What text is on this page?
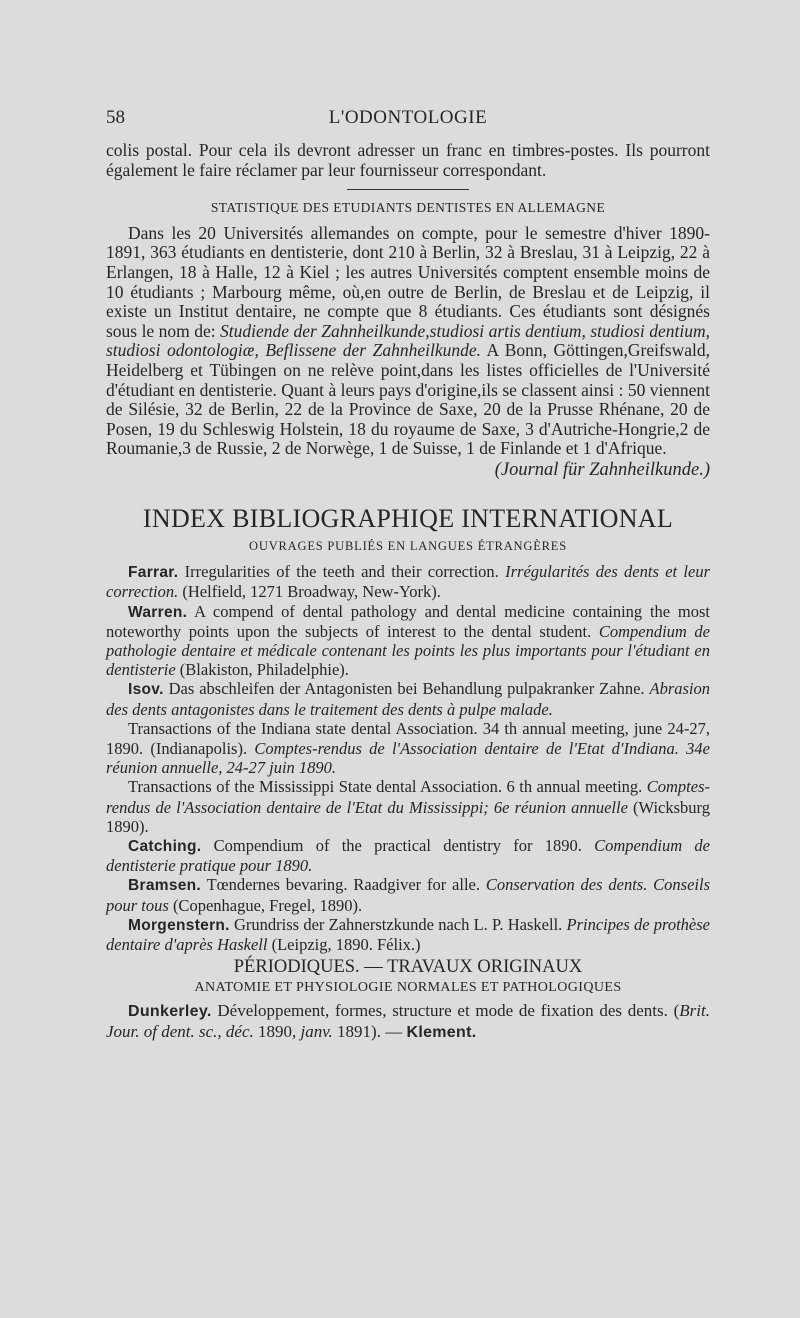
58	L'ODONTOLOGIE

colis postal. Pour cela ils devront adresser un franc en timbres-postes. Ils pourront également le faire réclamer par leur fournisseur correspondant.

STATISTIQUE DES ETUDIANTS DENTISTES EN ALLEMAGNE

Dans les 20 Universités allemandes on compte, pour le semestre d'hiver 1890-1891, 363 étudiants en dentisterie, dont 210 à Berlin, 32 à Breslau, 31 à Leipzig, 22 à Erlangen, 18 à Halle, 12 à Kiel ; les autres Universités comptent ensemble moins de 10 étudiants ; Marbourg même, où,en outre de Berlin, de Breslau et de Leipzig, il existe un Institut dentaire, ne compte que 8 étudiants. Ces étudiants sont désignés sous le nom de: Studiende der Zahnheilkunde,studiosi artis dentium, studiosi dentium, studiosi odontologiæ, Beflissene der Zahnheilkunde. A Bonn, Göttingen,Greifswald, Heidelberg et Tübingen on ne relève point,dans les listes officielles de l'Université d'étudiant en dentisterie. Quant à leurs pays d'origine,ils se classent ainsi : 50 viennent de Silésie, 32 de Berlin, 22 de la Province de Saxe, 20 de la Prusse Rhénane, 20 de Posen, 19 du Schleswig Holstein, 18 du royaume de Saxe, 3 d'Autriche-Hongrie,2 de Roumanie,3 de Russie, 2 de Norwège, 1 de Suisse, 1 de Finlande et 1 d'Afrique.

(Journal für Zahnheilkunde.)
INDEX BIBLIOGRAPHIQE INTERNATIONAL
OUVRAGES PUBLIÉS EN LANGUES ÉTRANGÈRES

Farrar. Irregularities of the teeth and their correction. Irrégularités des dents et leur correction. (Helfield, 1271 Broadway, New-York).

Warren. A compend of dental pathology and dental medicine containing the most noteworthy points upon the subjects of interest to the dental student. Compendium de pathologie dentaire et médicale contenant les points les plus importants pour l'étudiant en dentisterie (Blakiston, Philadelphie).

Isov. Das abschleifen der Antagonisten bei Behandlung pulpakranker Zahne. Abrasion des dents antagonistes dans le traitement des dents à pulpe malade.

Transactions of the Indiana state dental Association. 34 th annual meeting, june 24-27, 1890. (Indianapolis). Comptes-rendus de l'Association dentaire de l'Etat d'Indiana. 34e réunion annuelle, 24-27 juin 1890.

Transactions of the Mississippi State dental Association. 6 th annual meeting. Comptes-rendus de l'Association dentaire de l'Etat du Mississippi; 6e réunion annuelle (Wicksburg 1890).

Catching. Compendium of the practical dentistry for 1890. Compendium de dentisterie pratique pour 1890.

Bramsen. Tœndernes bevaring. Raadgiver for alle. Conservation des dents. Conseils pour tous (Copenhague, Fregel, 1890).

Morgenstern. Grundriss der Zahnerstzkunde nach L. P. Haskell. Principes de prothèse dentaire d'après Haskell (Leipzig, 1890. Félix.)

PÉRIODIQUES. — TRAVAUX ORIGINAUX
ANATOMIE ET PHYSIOLOGIE NORMALES ET PATHOLOGIQUES

Dunkerley. Développement, formes, structure et mode de fixation des dents. (Brit. Jour. of dent. sc., déc. 1890, janv. 1891). — Klement.
